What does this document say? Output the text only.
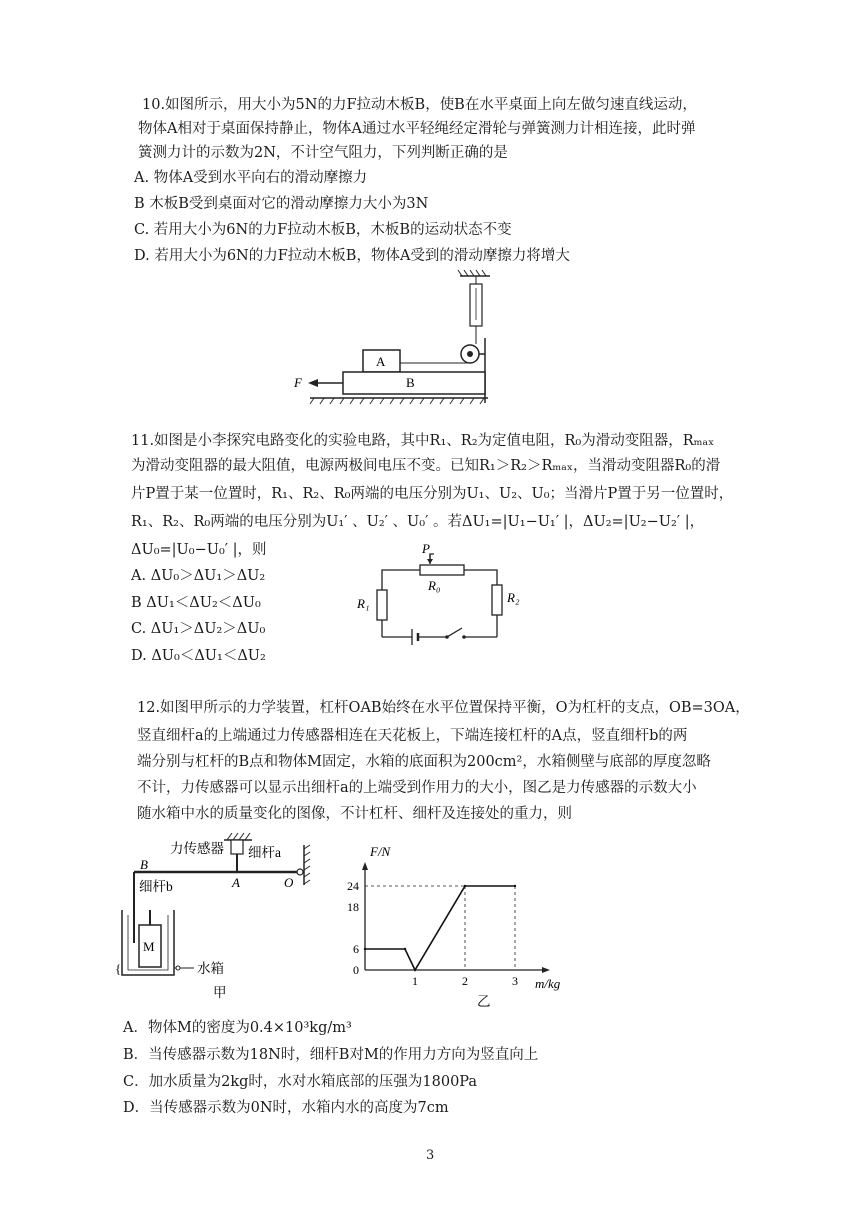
10.如图所示，用大小为5N的力F拉动木板B，使B在水平桌面上向左做匀速直线运动，
物体A相对于桌面保持静止，物体A通过水平轻绳经定滑轮与弹簧测力计相连接，此时弹
簧测力计的示数为2N，不计空气阻力，下列判断正确的是
A. 物体A受到水平向右的滑动摩擦力
B 木板B受到桌面对它的滑动摩擦力大小为3N
C. 若用大小为6N的力F拉动木板B，木板B的运动状态不变
D. 若用大小为6N的力F拉动木板B，物体A受到的滑动摩擦力将增大
A
B
F
11.如图是小李探究电路变化的实验电路，其中R₁、R₂为定值电阻，R₀为滑动变阻器，Rₘₐₓ
为滑动变阻器的最大阻值，电源两极间电压不变。已知R₁＞R₂＞Rₘₐₓ，当滑动变阻器R₀的滑
片P置于某一位置时，R₁、R₂、R₀两端的电压分别为U₁、U₂、U₀；当滑片P置于另一位置时，
R₁、R₂、R₀两端的电压分别为U₁′ 、U₂′ 、U₀′ 。若ΔU₁=|U₁−U₁′ |，ΔU₂=|U₂−U₂′ |，
ΔU₀=|U₀−U₀′ |，则
A. ΔU₀＞ΔU₁＞ΔU₂
B ΔU₁＜ΔU₂＜ΔU₀
C. ΔU₁＞ΔU₂＞ΔU₀
D. ΔU₀＜ΔU₁＜ΔU₂
P
R₀
R₁	R₂
12.如图甲所示的力学装置，杠杆OAB始终在水平位置保持平衡，O为杠杆的支点，OB=3OA，
竖直细杆a的上端通过力传感器相连在天花板上，下端连接杠杆的A点，竖直细杆b的两
端分别与杠杆的B点和物体M固定，水箱的底面积为200cm²，水箱侧壁与底部的厚度忽略
不计，力传感器可以显示出细杆a的上端受到作用力的大小，图乙是力传感器的示数大小
随水箱中水的质量变化的图像，不计杠杆、细杆及连接处的重力，则
{
力传感器 细杆a
细杆b
B
A	O
M
水箱
甲
0
6
18
24
1	2	3
F/N
m/kg
乙
A．物体M的密度为0.4×10³kg/m³
B．当传感器示数为18N时，细杆B对M的作用力方向为竖直向上
C．加水质量为2kg时，水对水箱底部的压强为1800Pa
D．当传感器示数为0N时，水箱内水的高度为7cm
3
